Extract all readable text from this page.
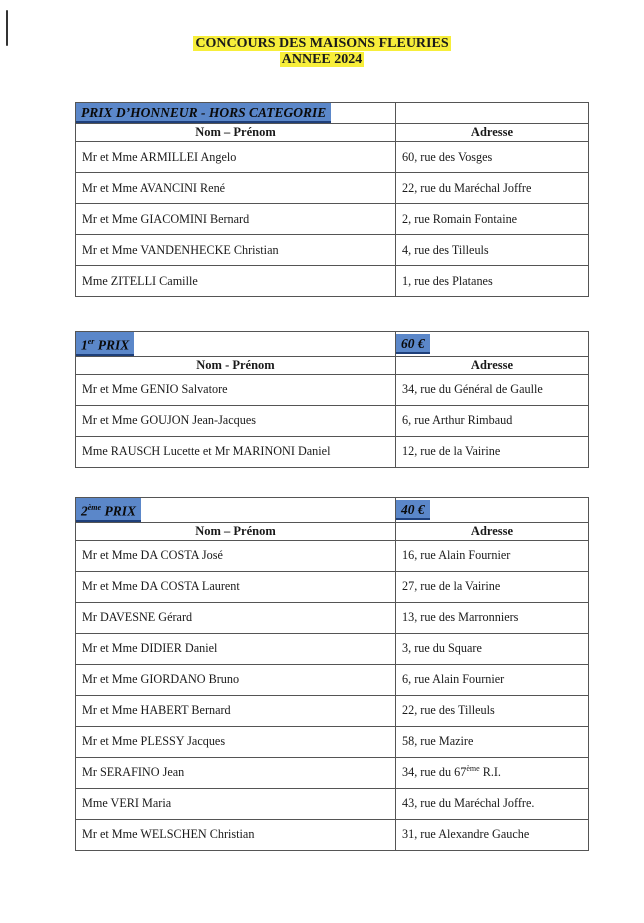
CONCOURS DES MAISONS FLEURIES
ANNEE 2024
PRIX D’HONNEUR - HORS CATEGORIE	
Nom – Prénom	Adresse
Mr et Mme ARMILLEI Angelo	60, rue des Vosges
Mr et Mme AVANCINI René	22, rue du Maréchal Joffre
Mr et Mme GIACOMINI Bernard	2, rue Romain Fontaine
Mr et Mme VANDENHECKE Christian	4, rue des Tilleuls
Mme ZITELLI Camille	1, rue des Platanes
1er PRIX	60 €
Nom - Prénom	Adresse
Mr et Mme GENIO Salvatore	34, rue du Général de Gaulle
Mr et Mme GOUJON Jean-Jacques	6, rue Arthur Rimbaud
Mme RAUSCH Lucette et Mr MARINONI Daniel	12, rue de la Vairine
2ème PRIX	40 €
Nom – Prénom	Adresse
Mr et Mme DA COSTA José	16, rue Alain Fournier
Mr et Mme DA COSTA Laurent	27, rue de la Vairine
Mr DAVESNE Gérard	13, rue des Marronniers
Mr et Mme DIDIER Daniel	3, rue du Square
Mr et Mme GIORDANO Bruno	6, rue Alain Fournier
Mr et Mme HABERT Bernard	22, rue des Tilleuls
Mr et Mme PLESSY Jacques	58, rue Mazire
Mr SERAFINO Jean	34, rue du 67ème R.I.
Mme VERI Maria	43, rue du Maréchal Joffre.
Mr et Mme WELSCHEN Christian	31, rue Alexandre Gauche
